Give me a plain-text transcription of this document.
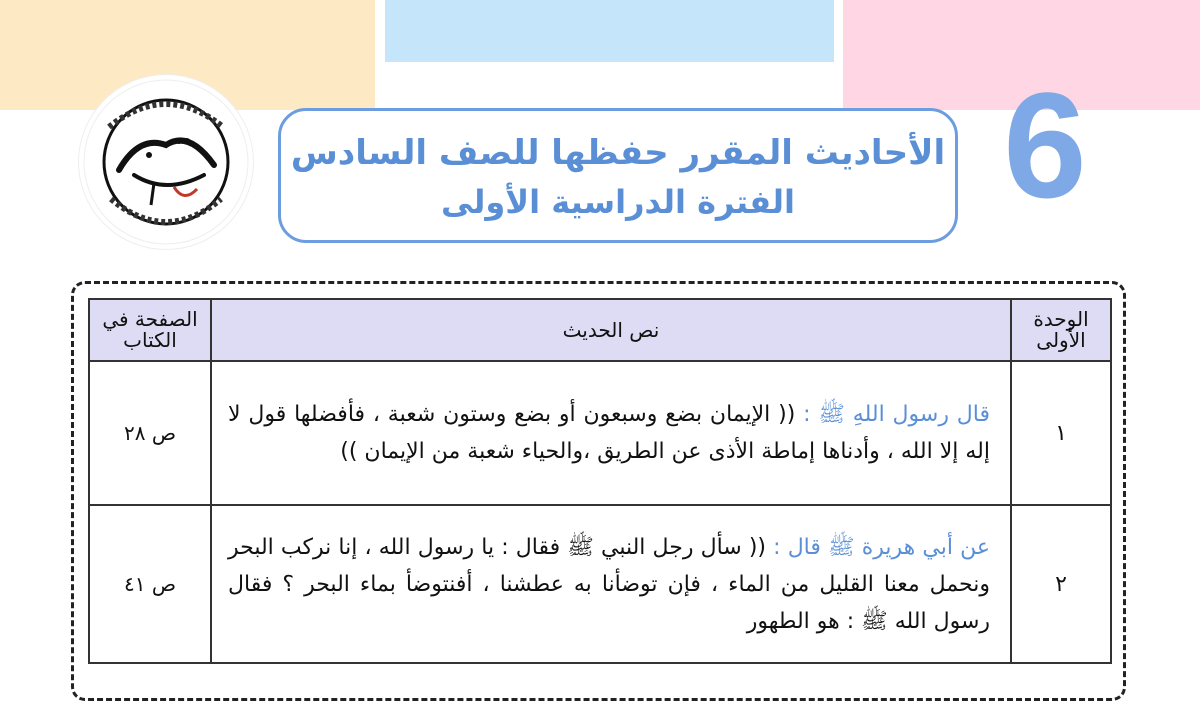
الأحاديث المقرر حفظها للصف السادس
الفترة الدراسية الأولى	6
الوحدة الأولى	نص الحديث	الصفحة في الكتاب
١	قال رسول اللهِ ﷺ : (( الإيمان بضع وسبعون أو بضع وستون شعبة ، فأفضلها قول لا إله إلا الله ، وأدناها إماطة الأذى عن الطريق ،والحياء شعبة من الإيمان ))	ص ٢٨
٢	عن أبي هريرة ﷺ قال : (( سأل رجل النبي ﷺ فقال : يا رسول الله ، إنا نركب البحر ونحمل معنا القليل من الماء ، فإن توضأنا به عطشنا ، أفنتوضأ بماء البحر ؟ فقال رسول الله ﷺ : هو الطهور	ص ٤١
